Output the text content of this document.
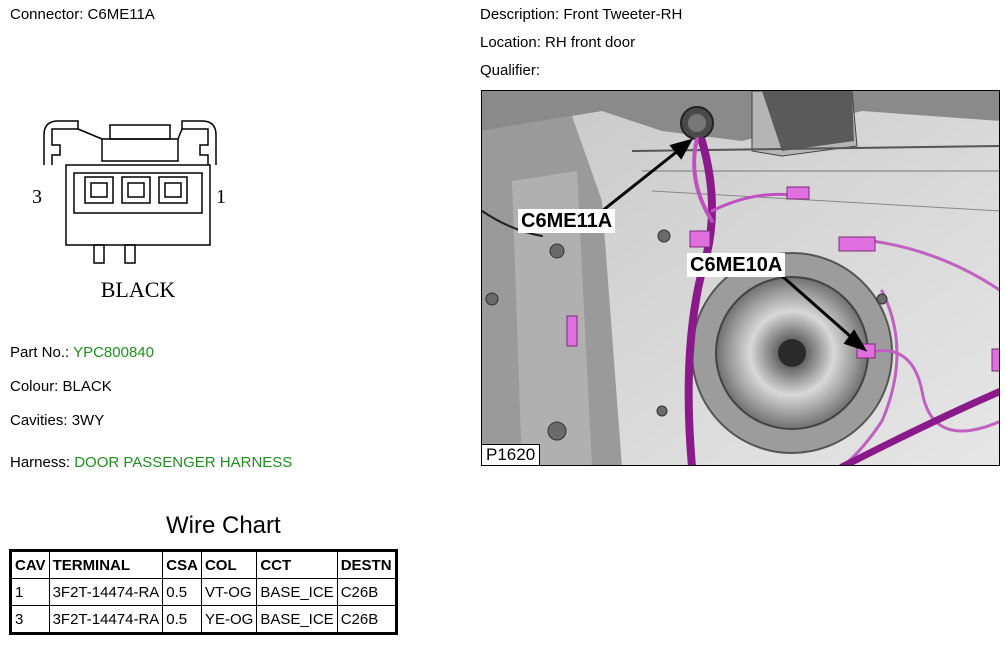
Connector: C6ME11A	Description: Front Tweeter-RH
Location: RH front door
Qualifier:
3	1
BLACK
Part No.: YPC800840
Colour: BLACK
Cavities: 3WY
Harness: DOOR PASSENGER HARNESS
Wire Chart
CAV	TERMINAL	CSA	COL	CCT	DESTN
1	3F2T-14474-RA	0.5	VT-OG	BASE_ICE	C26B
3	3F2T-14474-RA	0.5	YE-OG	BASE_ICE	C26B
C6ME11A
C6ME10A
P1620
